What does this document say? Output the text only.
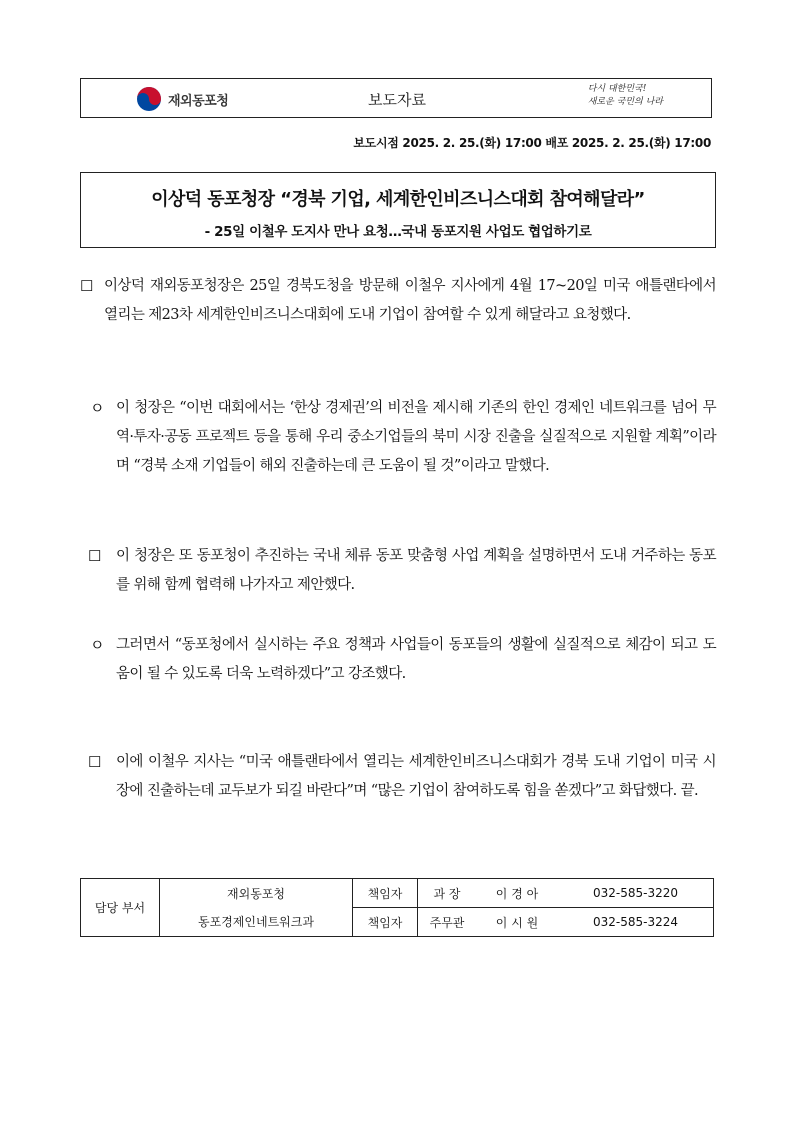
재외동포청	보도자료
다시 대한민국!
새로운 국민의 나라
보도시점 2025. 2. 25.(화) 17:00 배포 2025. 2. 25.(화) 17:00
이상덕 동포청장 “경북 기업, 세계한인비즈니스대회 참여해달라”
- 25일 이철우 도지사 만나 요청…국내 동포지원 사업도 협업하기로
☐ 이상덕 재외동포청장은 25일 경북도청을 방문해 이철우 지사에게 4월 17~20일 미국 애틀랜타에서 열리는 제23차 세계한인비즈니스대회에 도내 기업이 참여할 수 있게 해달라고 요청했다.
ㅇ 이 청장은 “이번 대회에서는 ‘한상 경제권’의 비전을 제시해 기존의 한인 경제인 네트워크를 넘어 무역·투자·공동 프로젝트 등을 통해 우리 중소기업들의 북미 시장 진출을 실질적으로 지원할 계획”이라며 “경북 소재 기업들이 해외 진출하는데 큰 도움이 될 것”이라고 말했다.
☐ 이 청장은 또 동포청이 추진하는 국내 체류 동포 맞춤형 사업 계획을 설명하면서 도내 거주하는 동포를 위해 함께 협력해 나가자고 제안했다.
ㅇ 그러면서 “동포청에서 실시하는 주요 정책과 사업들이 동포들의 생활에 실질적으로 체감이 되고 도움이 될 수 있도록 더욱 노력하겠다”고 강조했다.
☐ 이에 이철우 지사는 “미국 애틀랜타에서 열리는 세계한인비즈니스대회가 경북 도내 기업이 미국 시장에 진출하는데 교두보가 되길 바란다”며 “많은 기업이 참여하도록 힘을 쏟겠다”고 화답했다. 끝.
담당 부서	재외동포청	책임자	과 장	이 경 아	032-585-3220
	동포경제인네트워크과	책임자	주무관	이 시 원	032-585-3224
